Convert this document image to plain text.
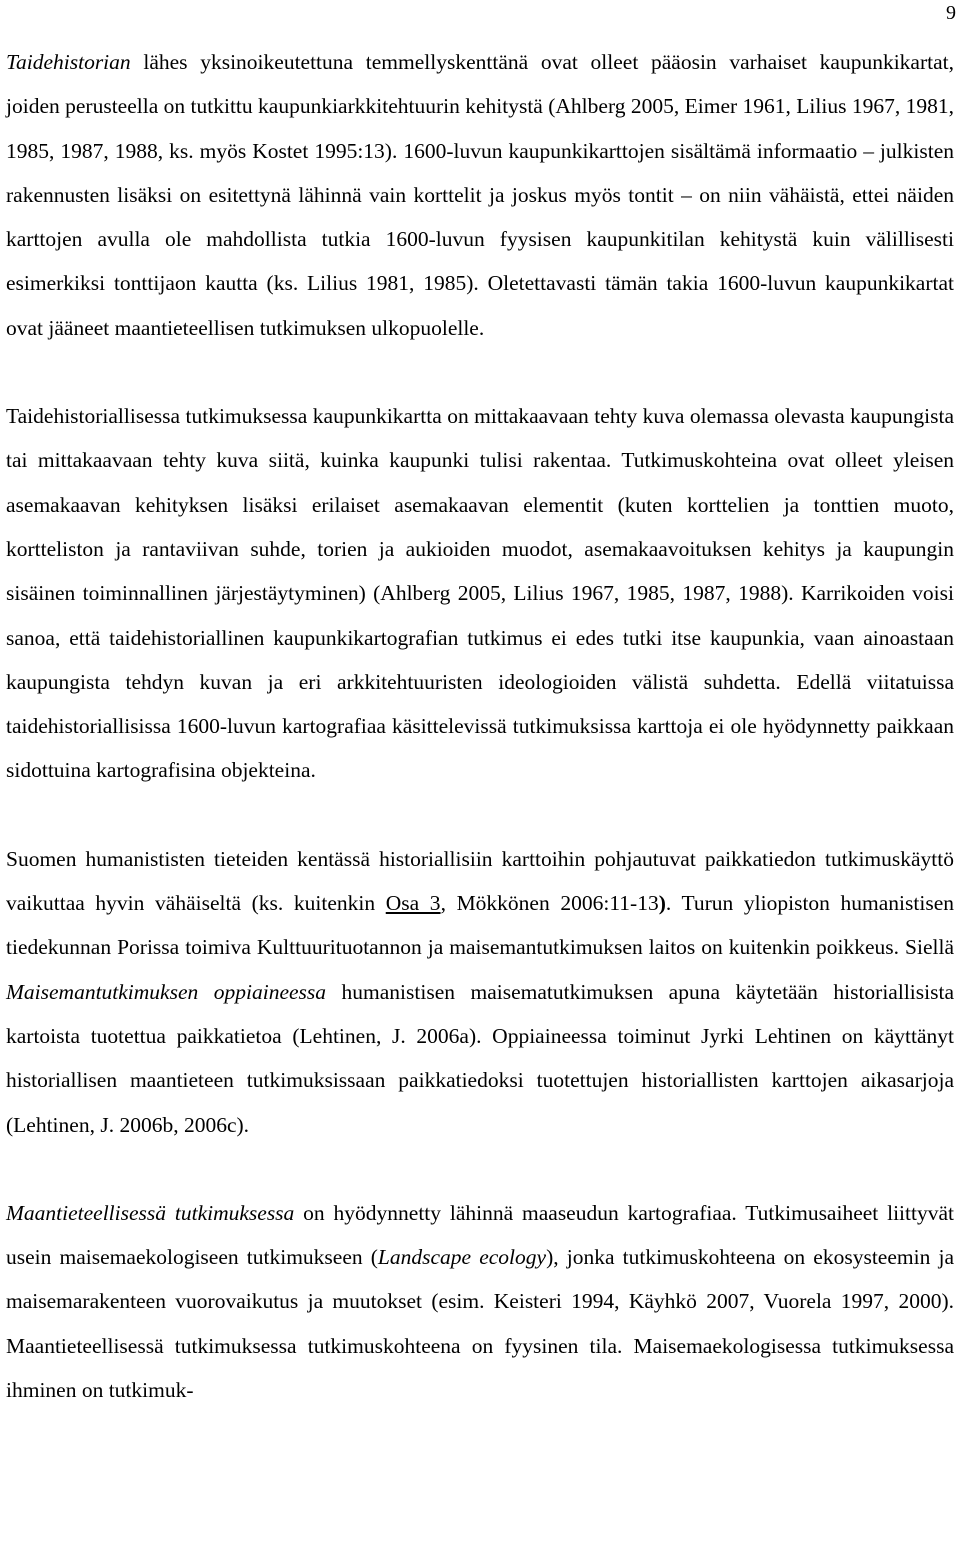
9

Taidehistorian lähes yksinoikeutettuna temmellyskenttänä ovat olleet pääosin varhaiset kaupunkikartat, joiden perusteella on tutkittu kaupunkiarkkitehtuurin kehitystä (Ahlberg 2005, Eimer 1961, Lilius 1967, 1981, 1985, 1987, 1988, ks. myös Kostet 1995:13). 1600-luvun kaupunkikarttojen sisältämä informaatio – julkisten rakennusten lisäksi on esitettynä lähinnä vain korttelit ja joskus myös tontit – on niin vähäistä, ettei näiden karttojen avulla ole mahdollista tutkia 1600-luvun fyysisen kaupunkitilan kehitystä kuin välillisesti esimerkiksi tonttijaon kautta (ks. Lilius 1981, 1985). Oletettavasti tämän takia 1600-luvun kaupunkikartat ovat jääneet maantieteellisen tutkimuksen ulkopuolelle.

Taidehistoriallisessa tutkimuksessa kaupunkikartta on mittakaavaan tehty kuva olemassa olevasta kaupungista tai mittakaavaan tehty kuva siitä, kuinka kaupunki tulisi rakentaa. Tutkimuskohteina ovat olleet yleisen asemakaavan kehityksen lisäksi erilaiset asemakaavan elementit (kuten korttelien ja tonttien muoto, kortteliston ja rantaviivan suhde, torien ja aukioiden muodot, asemakaavoituksen kehitys ja kaupungin sisäinen toiminnallinen järjestäytyminen) (Ahlberg 2005, Lilius 1967, 1985, 1987, 1988). Karrikoiden voisi sanoa, että taidehistoriallinen kaupunkikartografian tutkimus ei edes tutki itse kaupunkia, vaan ainoastaan kaupungista tehdyn kuvan ja eri arkkitehtuuristen ideologioiden välistä suhdetta. Edellä viitatuissa taidehistoriallisissa 1600-luvun kartografiaa käsittelevissä tutkimuksissa karttoja ei ole hyödynnetty paikkaan sidottuina kartografisina objekteina.

Suomen humanististen tieteiden kentässä historiallisiin karttoihin pohjautuvat paikkatiedon tutkimuskäyttö vaikuttaa hyvin vähäiseltä (ks. kuitenkin Osa 3, Mökkönen 2006:11-13). Turun yliopiston humanistisen tiedekunnan Porissa toimiva Kulttuurituotannon ja maisemantutkimuksen laitos on kuitenkin poikkeus. Siellä Maisemantutkimuksen oppiaineessa humanistisen maisematutkimuksen apuna käytetään historiallisista kartoista tuotettua paikkatietoa (Lehtinen, J. 2006a). Oppiaineessa toiminut Jyrki Lehtinen on käyttänyt historiallisen maantieteen tutkimuksissaan paikkatiedoksi tuotettujen historiallisten karttojen aikasarjoja (Lehtinen, J. 2006b, 2006c).

Maantieteellisessä tutkimuksessa on hyödynnetty lähinnä maaseudun kartografiaa. Tutkimusaiheet liittyvät usein maisemaekologiseen tutkimukseen (Landscape ecology), jonka tutkimuskohteena on ekosysteemin ja maisemarakenteen vuorovaikutus ja muutokset (esim. Keisteri 1994, Käyhkö 2007, Vuorela 1997, 2000). Maantieteellisessä tutkimuksessa tutkimuskohteena on fyysinen tila. Maisemaekologisessa tutkimuksessa ihminen on tutkimuk-
